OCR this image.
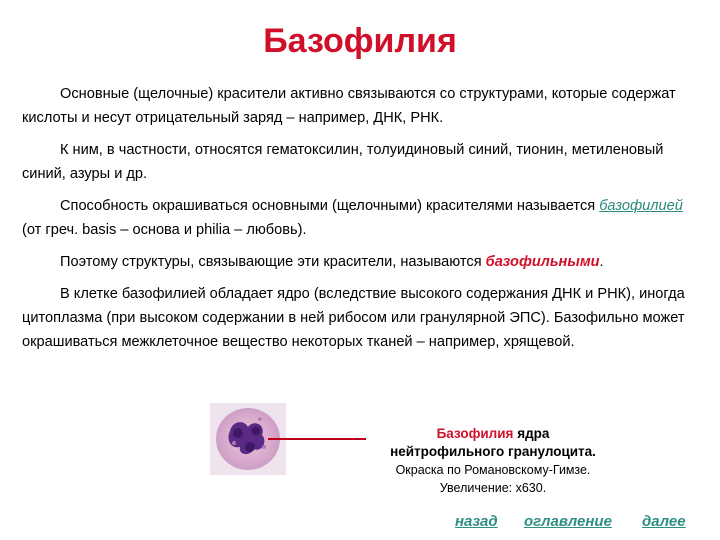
Базофилия

Основные (щелочные) красители активно связываются со структурами, которые содержат кислоты и несут отрицательный заряд – например, ДНК, РНК.

К ним, в частности, относятся гематоксилин, толуидиновый синий, тионин, метиленовый синий, азуры и др.

Способность окрашиваться основными (щелочными) красителями называется базофилией (от греч. basis – основа и philia – любовь).

Поэтому структуры, связывающие эти красители, называются базофильными.

В клетке базофилией обладает ядро (вследствие высокого содержания ДНК и РНК), иногда цитоплазма (при высоком содержании в ней рибосом или гранулярной ЭПС). Базофильно может окрашиваться межклеточное вещество некоторых тканей – например, хрящевой.

Базофилия ядра
нейтрофильного гранулоцита.
Окраска по Романовскому-Гимзе.
Увеличение: x630.
назад оглавление далее
